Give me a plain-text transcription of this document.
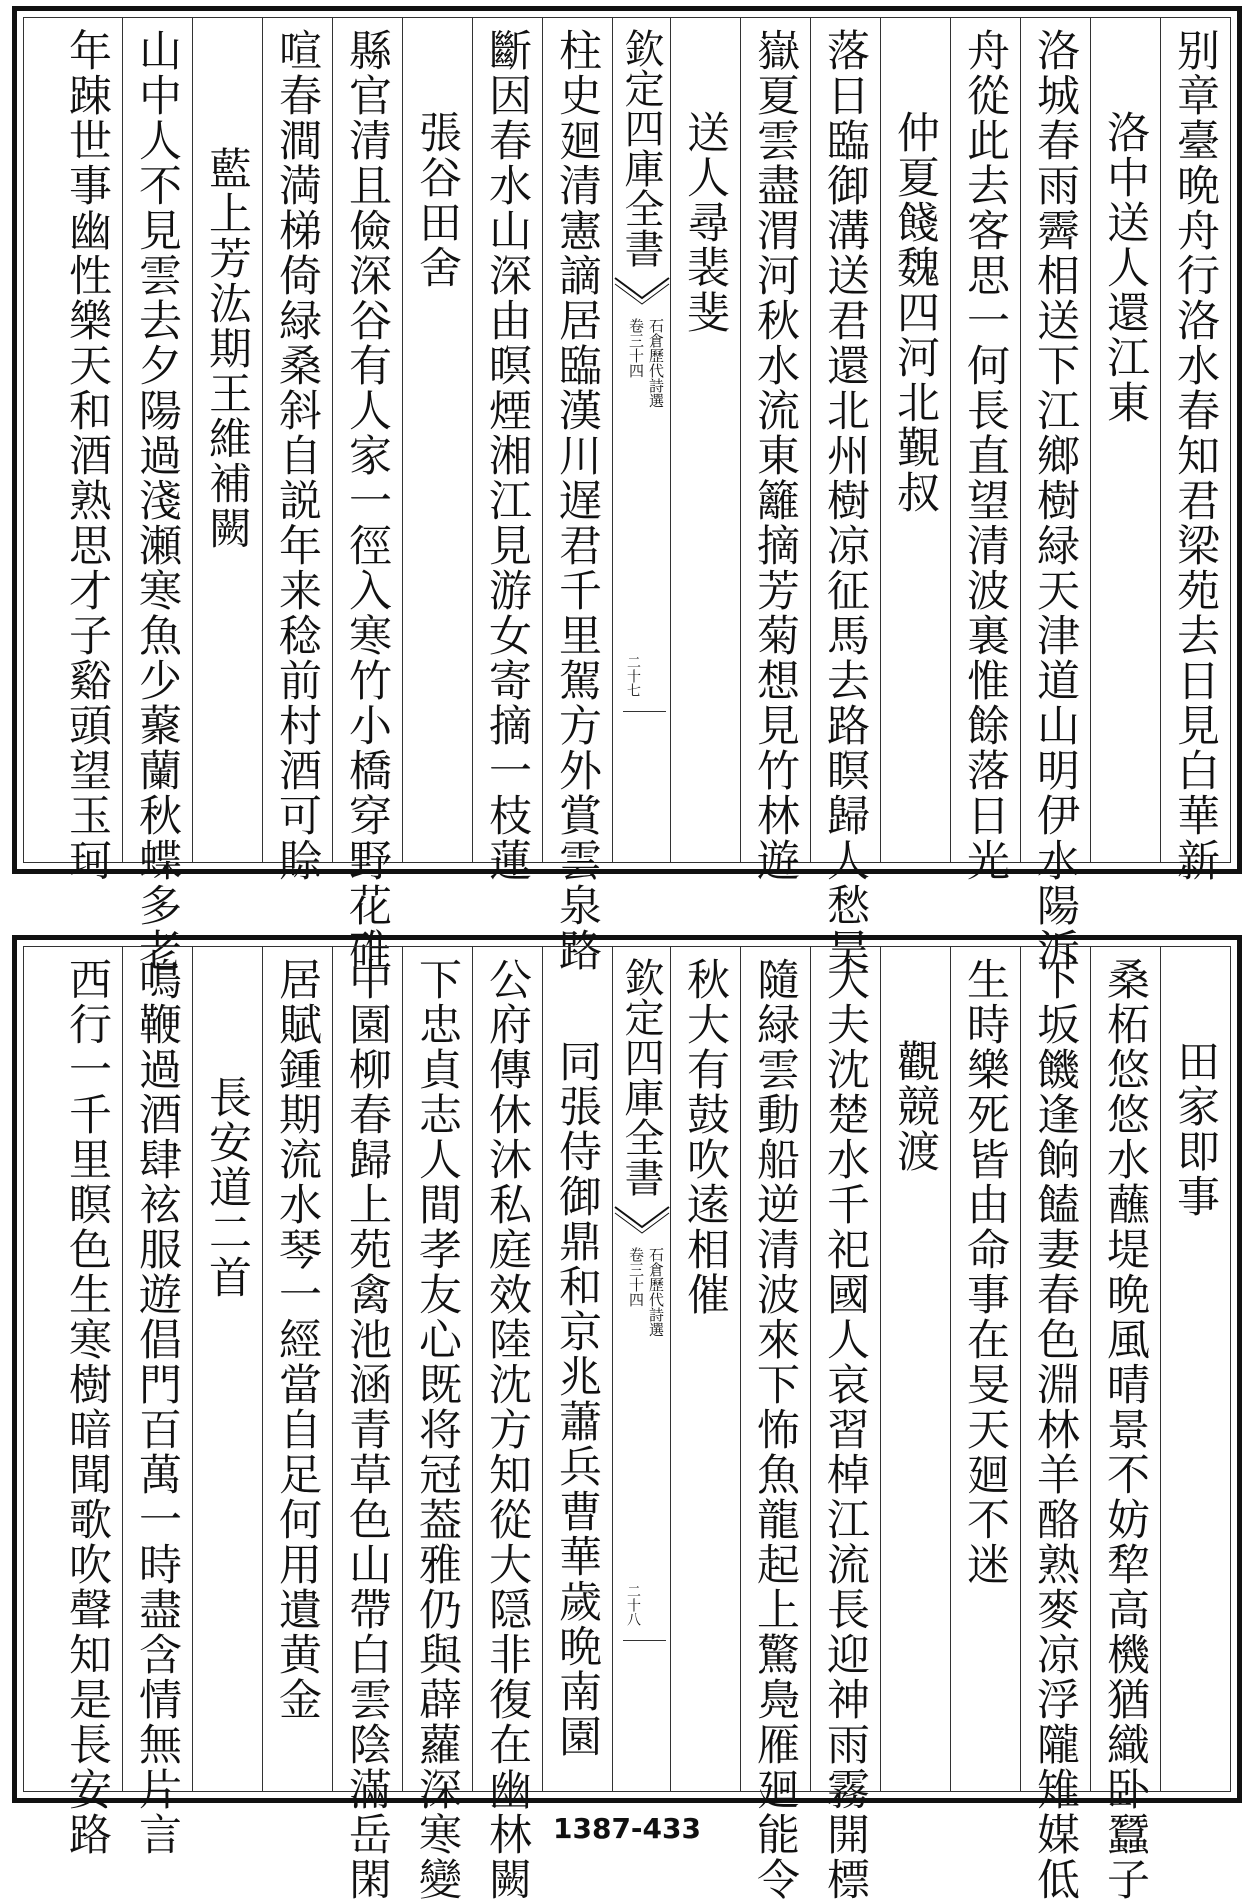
别章臺晩舟行洛水春知君梁苑去日見白華新
洛中送人還江東
洛城春雨霽相送下江鄉樹緑天津道山明伊水陽泝
舟從此去客思一何長直望清波裏惟餘落日光
仲夏餞魏四河北覲叔
落日臨御溝送君還北州樹凉征馬去路瞑歸人愁吴
嶽夏雲盡渭河秋水流東籬摘芳菊想見竹林遊
送人尋裴斐
欽定四庫全書
石倉歷代詩選
卷三十四
二十七
柱史廻清憲謫居臨漢川遅君千里駕方外賞雲泉路
斷因春水山深由暝煙湘江見游女寄摘一枝蓮
張谷田舍
縣官清且儉深谷有人家一徑入寒竹小橋穿野花碓
喧春澗満梯倚緑桑斜自説年来稔前村酒可賒
藍上芳汯期王維補闕
山中人不見雲去夕陽過淺瀬寒魚少藂蘭秋蝶多老
年踈世事幽性樂天和酒熟思才子谿頭望玉珂
田家即事
桑柘悠悠水蘸堤晩風晴景不妨犂高機猶織卧蠶子
下坂饑逢餉饁妻春色淵林羊酪熟麥凉浮隴雉媒低
生時樂死皆由命事在旻天廻不迷
觀競渡
大夫沈楚水千祀國人哀習棹江流長迎神雨霧開標
隨緑雲動船逆清波來下怖魚龍起上驚鳧雁廻能令
秋大有鼓吹逺相催
欽定四庫全書
石倉歷代詩選
卷三十四
二十八
同張侍御鼎和京兆蕭兵曹華歲晩南園
公府傳休沐私庭效陸沈方知從大隠非復在幽林闕
下忠貞志人間孝友心既将冠葢雅仍與薜蘿深寒變
中園柳春歸上苑禽池涵青草色山帶白雲陰滿岳閑
居賦鍾期流水琴一經當自足何用遺黄金
長安道二首
鳴鞭過酒肆袨服遊倡門百萬一時盡含情無片言
西行一千里瞑色生寒樹暗聞歌吹聲知是長安路	1387-433
